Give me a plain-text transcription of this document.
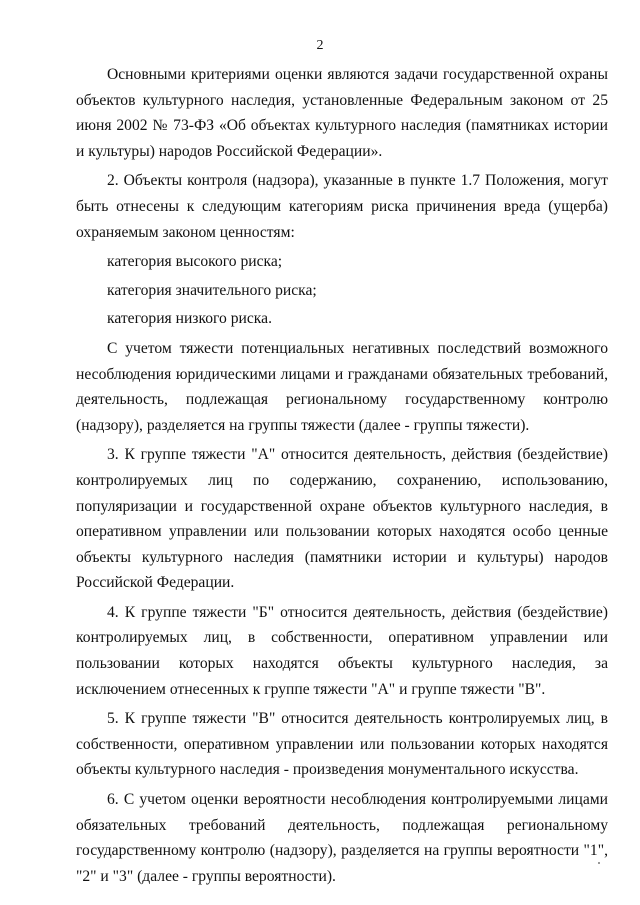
2

Основными критериями оценки являются задачи государственной охраны объектов культурного наследия, установленные Федеральным законом от 25 июня 2002 № 73-ФЗ «Об объектах культурного наследия (памятниках истории и культуры) народов Российской Федерации».

2. Объекты контроля (надзора), указанные в пункте 1.7 Положения, могут быть отнесены к следующим категориям риска причинения вреда (ущерба) охраняемым законом ценностям:

категория высокого риска;

категория значительного риска;

категория низкого риска.

С учетом тяжести потенциальных негативных последствий возможного несоблюдения юридическими лицами и гражданами обязательных требований, деятельность, подлежащая региональному государственному контролю (надзору), разделяется на группы тяжести (далее - группы тяжести).

3. К группе тяжести "А" относится деятельность, действия (бездействие) контролируемых лиц по содержанию, сохранению, использованию, популяризации и государственной охране объектов культурного наследия, в оперативном управлении или пользовании которых находятся особо ценные объекты культурного наследия (памятники истории и культуры) народов Российской Федерации.

4. К группе тяжести "Б" относится деятельность, действия (бездействие) контролируемых лиц, в собственности, оперативном управлении или пользовании которых находятся объекты культурного наследия, за исключением отнесенных к группе тяжести "А" и группе тяжести "В".

5. К группе тяжести "В" относится деятельность контролируемых лиц, в собственности, оперативном управлении или пользовании которых находятся объекты культурного наследия - произведения монументального искусства.

6. С учетом оценки вероятности несоблюдения контролируемыми лицами обязательных требований деятельность, подлежащая региональному государственному контролю (надзору), разделяется на группы вероятности "1", "2" и "3" (далее - группы вероятности).
